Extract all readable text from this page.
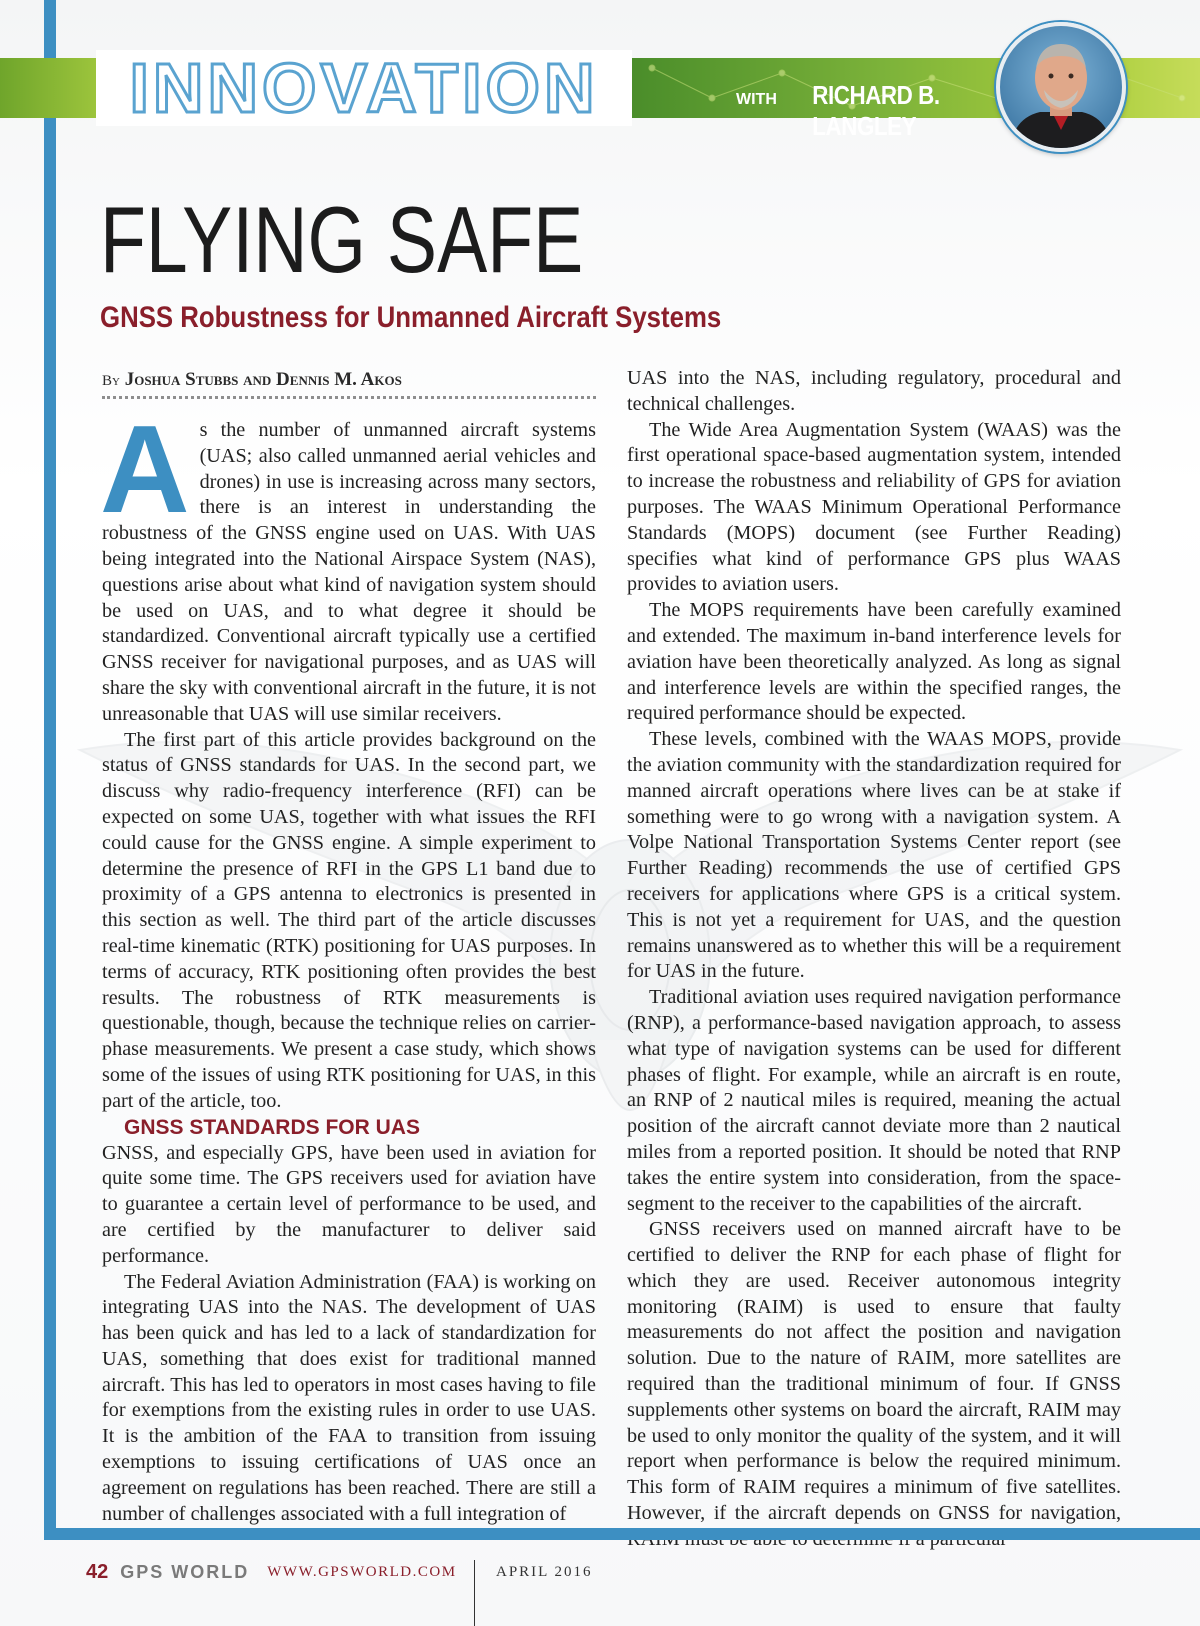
INNOVATION	WITH RICHARD B. LANGLEY
FLYING SAFE
GNSS Robustness for Unmanned Aircraft Systems
By Joshua Stubbs and Dennis M. Akos

As the number of unmanned aircraft systems (UAS; also called unmanned aerial vehicles and drones) in use is increasing across many sectors, there is an interest in understanding the robustness of the GNSS engine used on UAS. With UAS being integrated into the National Airspace System (NAS), questions arise about what kind of navigation system should be used on UAS, and to what degree it should be standardized. Conventional aircraft typically use a certified GNSS receiver for navigational purposes, and as UAS will share the sky with conventional aircraft in the future, it is not unreasonable that UAS will use similar receivers.

The first part of this article provides background on the status of GNSS standards for UAS. In the second part, we discuss why radio-frequency interference (RFI) can be expected on some UAS, together with what issues the RFI could cause for the GNSS engine. A simple experiment to determine the presence of RFI in the GPS L1 band due to proximity of a GPS antenna to electronics is presented in this section as well. The third part of the article discusses real-time kinematic (RTK) positioning for UAS purposes. In terms of accuracy, RTK positioning often provides the best results. The robustness of RTK measurements is questionable, though, because the technique relies on carrier-phase measurements. We present a case study, which shows some of the issues of using RTK positioning for UAS, in this part of the article, too.

GNSS STANDARDS FOR UAS

GNSS, and especially GPS, have been used in aviation for quite some time. The GPS receivers used for aviation have to guarantee a certain level of performance to be used, and are certified by the manufacturer to deliver said performance.

The Federal Aviation Administration (FAA) is working on integrating UAS into the NAS. The development of UAS has been quick and has led to a lack of standardization for UAS, something that does exist for traditional manned aircraft. This has led to operators in most cases having to file for exemptions from the existing rules in order to use UAS. It is the ambition of the FAA to transition from issuing exemptions to issuing certifications of UAS once an agreement on regulations has been reached. There are still a number of challenges associated with a full integration of

UAS into the NAS, including regulatory, procedural and technical challenges.

The Wide Area Augmentation System (WAAS) was the first operational space-based augmentation system, intended to increase the robustness and reliability of GPS for aviation purposes. The WAAS Minimum Operational Performance Standards (MOPS) document (see Further Reading) specifies what kind of performance GPS plus WAAS provides to aviation users.

The MOPS requirements have been carefully examined and extended. The maximum in-band interference levels for aviation have been theoretically analyzed. As long as signal and interference levels are within the specified ranges, the required performance should be expected.

These levels, combined with the WAAS MOPS, provide the aviation community with the standardization required for manned aircraft operations where lives can be at stake if something were to go wrong with a navigation system. A Volpe National Transportation Systems Center report (see Further Reading) recommends the use of certified GPS receivers for applications where GPS is a critical system. This is not yet a requirement for UAS, and the question remains unanswered as to whether this will be a requirement for UAS in the future.

Traditional aviation uses required navigation performance (RNP), a performance-based navigation approach, to assess what type of navigation systems can be used for different phases of flight. For example, while an aircraft is en route, an RNP of 2 nautical miles is required, meaning the actual position of the aircraft cannot deviate more than 2 nautical miles from a reported position. It should be noted that RNP takes the entire system into consideration, from the space-segment to the receiver to the capabilities of the aircraft.

GNSS receivers used on manned aircraft have to be certified to deliver the RNP for each phase of flight for which they are used. Receiver autonomous integrity monitoring (RAIM) is used to ensure that faulty measurements do not affect the position and navigation solution. Due to the nature of RAIM, more satellites are required than the traditional minimum of four. If GNSS supplements other systems on board the aircraft, RAIM may be used to only monitor the quality of the system, and it will report when performance is below the required minimum. This form of RAIM requires a minimum of five satellites. However, if the aircraft depends on GNSS for navigation,

42 GPS WORLD WWW.GPSWORLD.COM	APRIL 2016
